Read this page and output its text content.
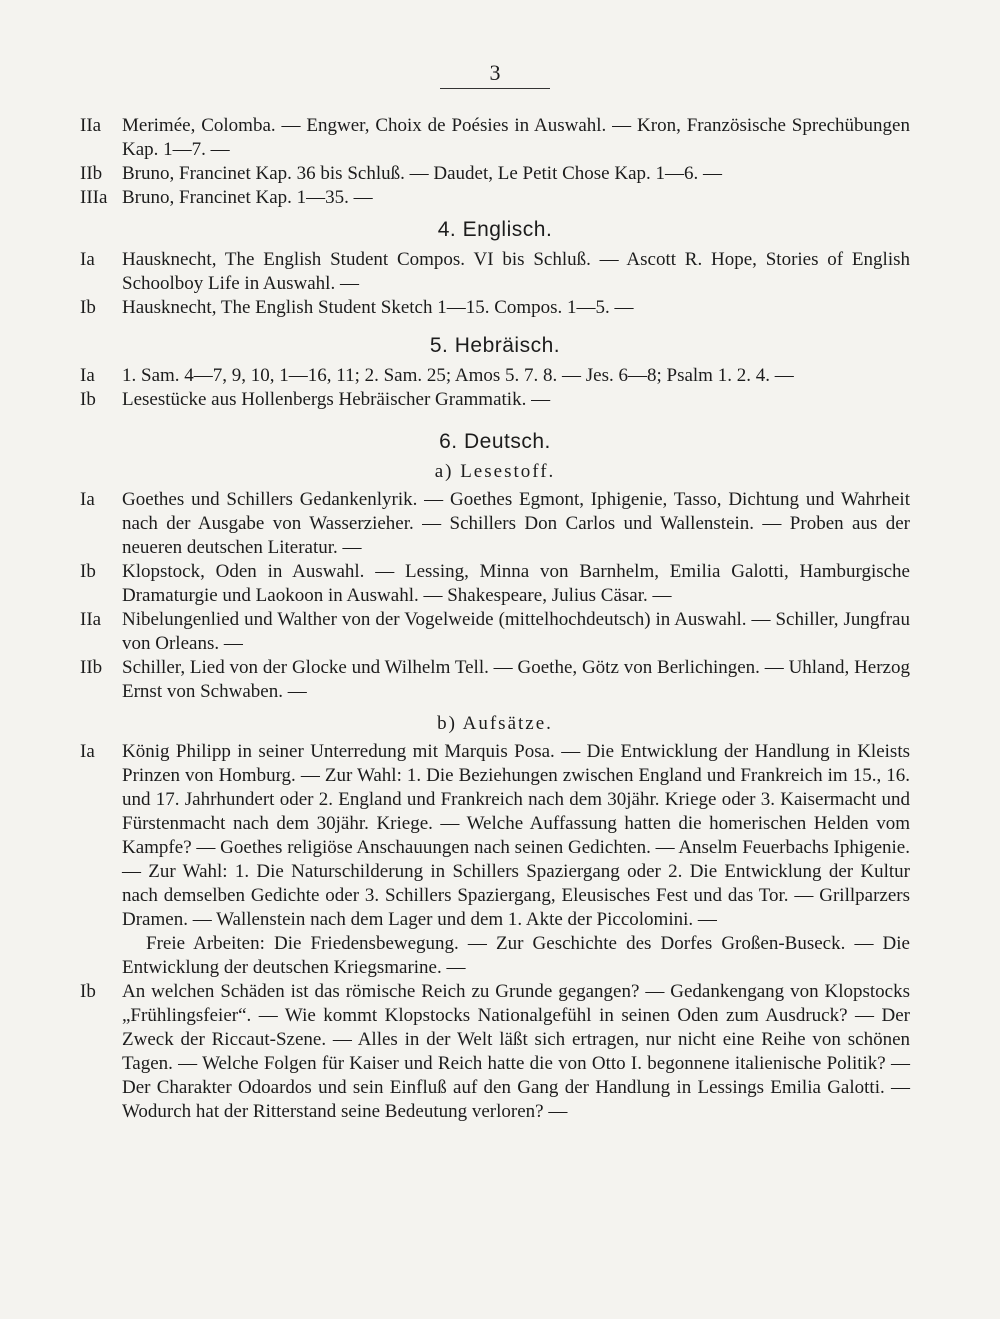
3
IIa	Merimée, Colomba. — Engwer, Choix de Poésies in Auswahl. — Kron, Französische Sprechübungen Kap. 1—7. —
IIb	Bruno, Francinet Kap. 36 bis Schluß. — Daudet, Le Petit Chose Kap. 1—6. —
IIIa Bruno, Francinet Kap. 1—35. —
4. Englisch.
Ia	Hausknecht, The English Student Compos. VI bis Schluß. — Ascott R. Hope, Stories of English Schoolboy Life in Auswahl. —
Ib	Hausknecht, The English Student Sketch 1—15. Compos. 1—5. —
5. Hebräisch.
Ia	1. Sam. 4—7, 9, 10, 1—16, 11; 2. Sam. 25; Amos 5. 7. 8. — Jes. 6—8; Psalm 1. 2. 4. —
Ib	Lesestücke aus Hollenbergs Hebräischer Grammatik. —
6. Deutsch.
a) Lesestoff.
Ia	Goethes und Schillers Gedankenlyrik. — Goethes Egmont, Iphigenie, Tasso, Dichtung und Wahrheit nach der Ausgabe von Wasserzieher. — Schillers Don Carlos und Wallenstein. — Proben aus der neueren deutschen Literatur. —
Ib	Klopstock, Oden in Auswahl. — Lessing, Minna von Barnhelm, Emilia Galotti, Hamburgische Dramaturgie und Laokoon in Auswahl. — Shakespeare, Julius Cäsar. —
IIa	Nibelungenlied und Walther von der Vogelweide (mittelhochdeutsch) in Auswahl. — Schiller, Jungfrau von Orleans. —
IIb	Schiller, Lied von der Glocke und Wilhelm Tell. — Goethe, Götz von Berlichingen. — Uhland, Herzog Ernst von Schwaben. —
b) Aufsätze.
Ia	König Philipp in seiner Unterredung mit Marquis Posa. — Die Entwicklung der Handlung in Kleists Prinzen von Homburg. — Zur Wahl: 1. Die Beziehungen zwischen England und Frankreich im 15., 16. und 17. Jahrhundert oder 2. England und Frankreich nach dem 30jähr. Kriege oder 3. Kaisermacht und Fürstenmacht nach dem 30jähr. Kriege. — Welche Auffassung hatten die homerischen Helden vom Kampfe? — Goethes religiöse Anschauungen nach seinen Gedichten. — Anselm Feuerbachs Iphigenie. — Zur Wahl: 1. Die Naturschilderung in Schillers Spaziergang oder 2. Die Entwicklung der Kultur nach demselben Gedichte oder 3. Schillers Spaziergang, Eleusisches Fest und das Tor. — Grillparzers Dramen. — Wallenstein nach dem Lager und dem 1. Akte der Piccolomini. —
Freie Arbeiten: Die Friedensbewegung. — Zur Geschichte des Dorfes Großen-Buseck. — Die Entwicklung der deutschen Kriegsmarine. —
Ib	An welchen Schäden ist das römische Reich zu Grunde gegangen? — Gedankengang von Klopstocks „Frühlingsfeier“. — Wie kommt Klopstocks Nationalgefühl in seinen Oden zum Ausdruck? — Der Zweck der Riccaut-Szene. — Alles in der Welt läßt sich ertragen, nur nicht eine Reihe von schönen Tagen. — Welche Folgen für Kaiser und Reich hatte die von Otto I. begonnene italienische Politik? — Der Charakter Odoardos und sein Einfluß auf den Gang der Handlung in Lessings Emilia Galotti. — Wodurch hat der Ritterstand seine Bedeutung verloren? —
